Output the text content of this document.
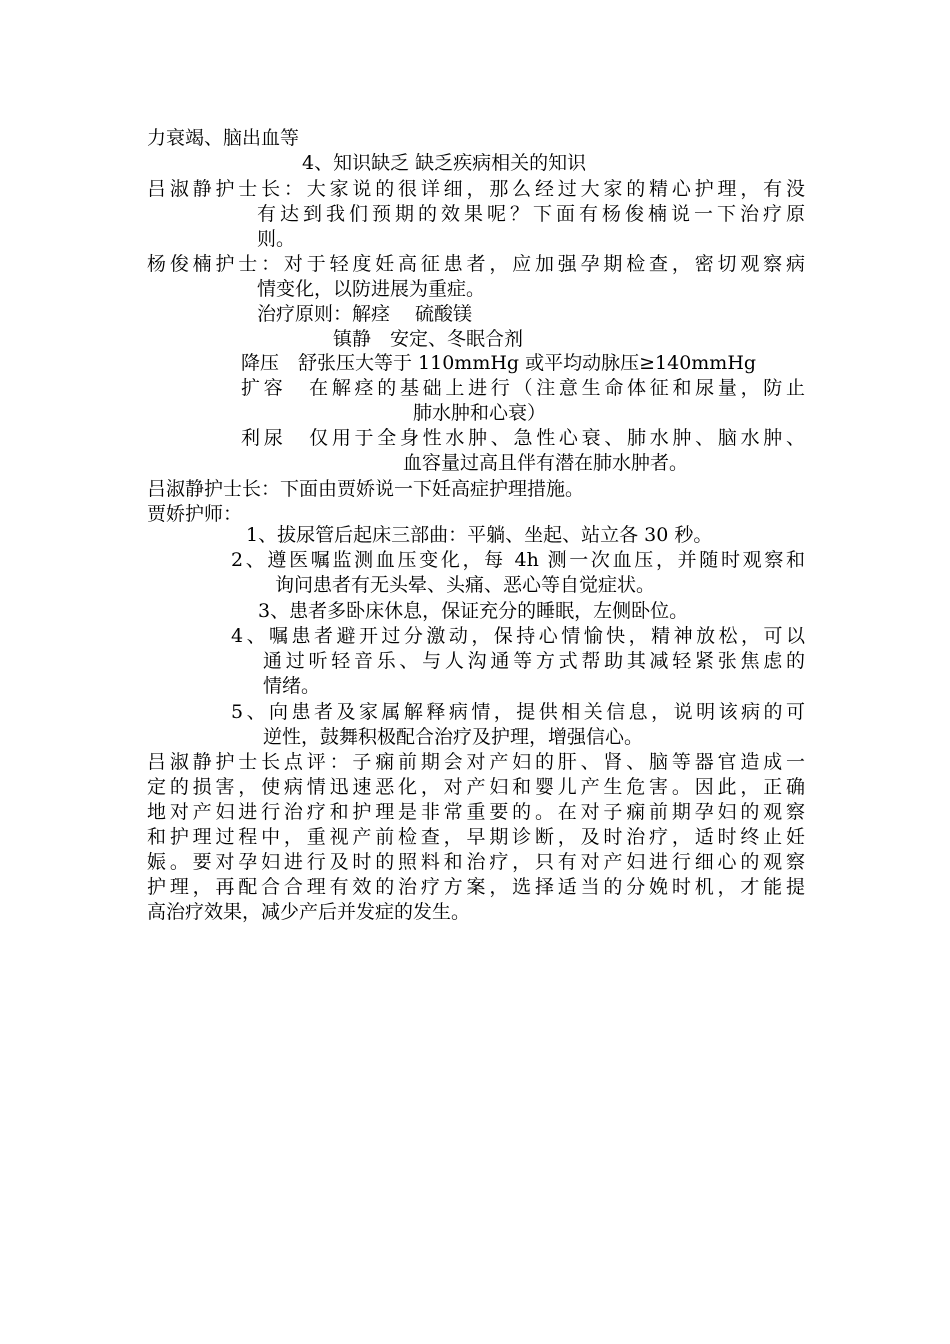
力衰竭、脑出血等
4、知识缺乏 缺乏疾病相关的知识
吕淑静护士长：大家说的很详细，那么经过大家的精心护理，有没
有达到我们预期的效果呢？下面有杨俊楠说一下治疗原
则。
杨俊楠护士：对于轻度妊高征患者，应加强孕期检查，密切观察病
情变化，以防进展为重症。
治疗原则：解痉　 硫酸镁
镇静　安定、冬眠合剂
降压　舒张压大等于 110mmHg 或平均动脉压≥140mmHg
扩容　在解痉的基础上进行（注意生命体征和尿量，防止
肺水肿和心衰）
利尿　仅用于全身性水肿、急性心衰、肺水肿、脑水肿、
血容量过高且伴有潜在肺水肿者。
吕淑静护士长：下面由贾娇说一下妊高症护理措施。
贾娇护师：
1、拔尿管后起床三部曲：平躺、坐起、站立各 30 秒。
2、遵医嘱监测血压变化，每 4h 测一次血压，并随时观察和
询问患者有无头晕、头痛、恶心等自觉症状。
3、患者多卧床休息，保证充分的睡眠，左侧卧位。
4、嘱患者避开过分激动，保持心情愉快，精神放松，可以
通过听轻音乐、与人沟通等方式帮助其减轻紧张焦虑的
情绪。
5、向患者及家属解释病情，提供相关信息，说明该病的可
逆性，鼓舞积极配合治疗及护理，增强信心。
吕淑静护士长点评：子痫前期会对产妇的肝、肾、脑等器官造成一
定的损害，使病情迅速恶化，对产妇和婴儿产生危害。因此，正确
地对产妇进行治疗和护理是非常重要的。在对子痫前期孕妇的观察
和护理过程中，重视产前检查，早期诊断，及时治疗，适时终止妊
娠。要对孕妇进行及时的照料和治疗，只有对产妇进行细心的观察
护理，再配合合理有效的治疗方案，选择适当的分娩时机，才能提
高治疗效果，减少产后并发症的发生。
